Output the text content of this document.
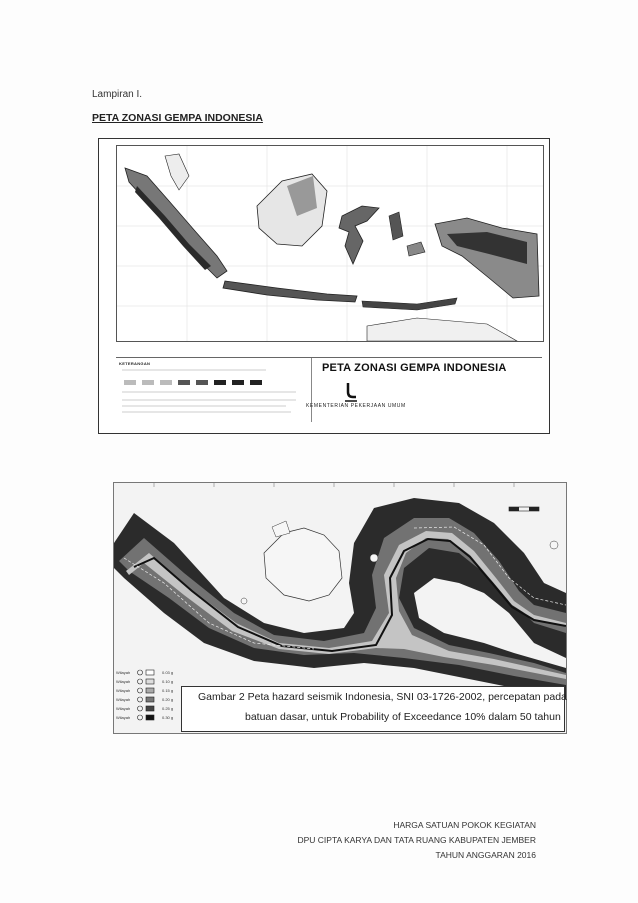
Lampiran I.
PETA ZONASI GEMPA INDONESIA
KETERANGAN	PETA ZONASI GEMPA INDONESIA
KEMENTERIAN PEKERJAAN UMUM
Wilayah
Wilayah
Wilayah
Wilayah
Wilayah
Wilayah
0.03 g
0.10 g
0.15 g
0.20 g
0.25 g
0.30 g
Gambar 2 Peta hazard seismik Indonesia, SNI 03-1726-2002, percepatan pada
batuan dasar, untuk Probability of Exceedance 10% dalam 50 tahun
HARGA SATUAN POKOK KEGIATAN
DPU CIPTA KARYA DAN TATA RUANG KABUPATEN JEMBER
TAHUN ANGGARAN 2016
